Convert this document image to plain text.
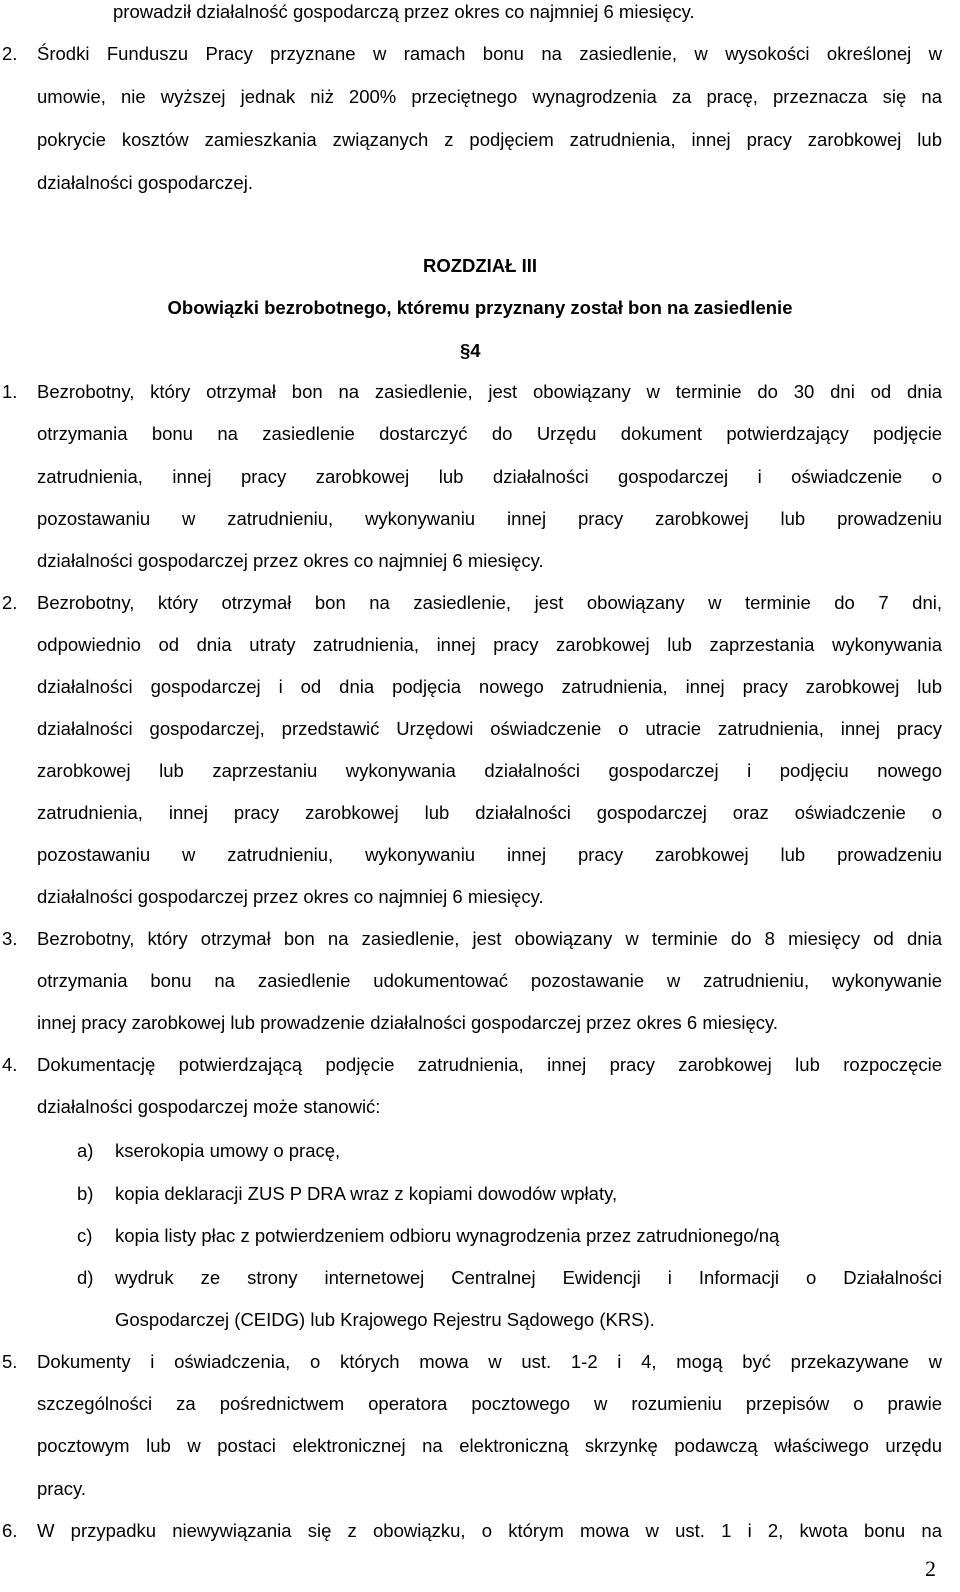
prowadził działalność gospodarczą przez okres co najmniej 6 miesięcy.
2. Środki Funduszu Pracy przyznane w ramach bonu na zasiedlenie, w wysokości określonej w
umowie, nie wyższej jednak niż 200% przeciętnego wynagrodzenia za pracę, przeznacza się na
pokrycie kosztów zamieszkania związanych z podjęciem zatrudnienia, innej pracy zarobkowej lub
działalności gospodarczej.
ROZDZIAŁ III
Obowiązki bezrobotnego, któremu przyznany został bon na zasiedlenie
§4
1. Bezrobotny, który otrzymał bon na zasiedlenie, jest obowiązany w terminie do 30 dni od dnia
otrzymania bonu na zasiedlenie dostarczyć do Urzędu dokument potwierdzający podjęcie
zatrudnienia, innej pracy zarobkowej lub działalności gospodarczej i oświadczenie o
pozostawaniu w zatrudnieniu, wykonywaniu innej pracy zarobkowej lub prowadzeniu
działalności gospodarczej przez okres co najmniej 6 miesięcy.
2. Bezrobotny, który otrzymał bon na zasiedlenie, jest obowiązany w terminie do 7 dni,
odpowiednio od dnia utraty zatrudnienia, innej pracy zarobkowej lub zaprzestania wykonywania
działalności gospodarczej i od dnia podjęcia nowego zatrudnienia, innej pracy zarobkowej lub
działalności gospodarczej, przedstawić Urzędowi oświadczenie o utracie zatrudnienia, innej pracy
zarobkowej lub zaprzestaniu wykonywania działalności gospodarczej i podjęciu nowego
zatrudnienia, innej pracy zarobkowej lub działalności gospodarczej oraz oświadczenie o
pozostawaniu w zatrudnieniu, wykonywaniu innej pracy zarobkowej lub prowadzeniu
działalności gospodarczej przez okres co najmniej 6 miesięcy.
3. Bezrobotny, który otrzymał bon na zasiedlenie, jest obowiązany w terminie do 8 miesięcy od dnia
otrzymania bonu na zasiedlenie udokumentować pozostawanie w zatrudnieniu, wykonywanie
innej pracy zarobkowej lub prowadzenie działalności gospodarczej przez okres 6 miesięcy.
4. Dokumentację potwierdzającą podjęcie zatrudnienia, innej pracy zarobkowej lub rozpoczęcie
działalności gospodarczej może stanowić:
a) kserokopia umowy o pracę,
b) kopia deklaracji ZUS P DRA wraz z kopiami dowodów wpłaty,
c) kopia listy płac z potwierdzeniem odbioru wynagrodzenia przez zatrudnionego/ną
d) wydruk ze strony internetowej Centralnej Ewidencji i Informacji o Działalności
Gospodarczej (CEIDG) lub Krajowego Rejestru Sądowego (KRS).
5. Dokumenty i oświadczenia, o których mowa w ust. 1-2 i 4, mogą być przekazywane w
szczególności za pośrednictwem operatora pocztowego w rozumieniu przepisów o prawie
pocztowym lub w postaci elektronicznej na elektroniczną skrzynkę podawczą właściwego urzędu
pracy.
6. W przypadku niewywiązania się z obowiązku, o którym mowa w ust. 1 i 2, kwota bonu na
2
